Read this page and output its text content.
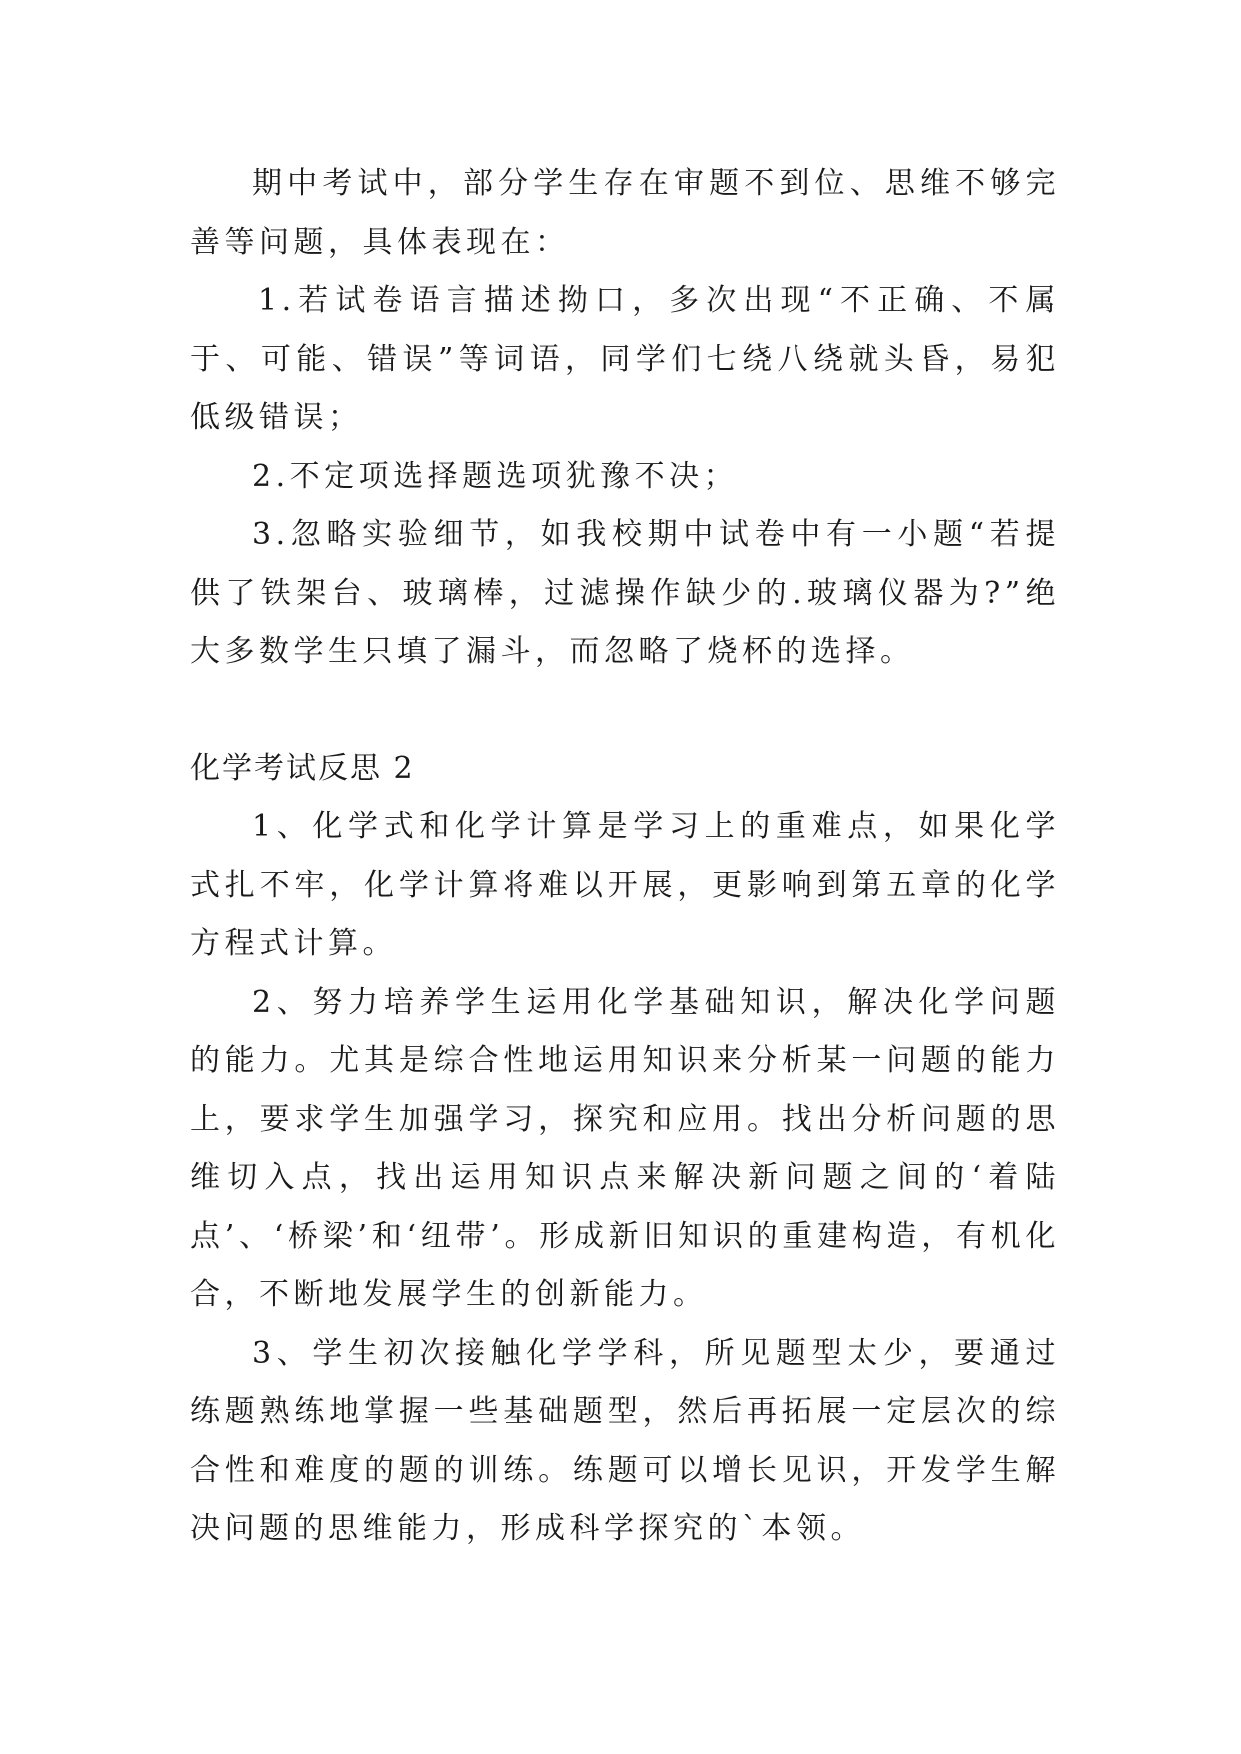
期中考试中，部分学生存在审题不到位、思维不够完善等问题，具体表现在：

1.若试卷语言描述拗口，多次出现“不正确、不属于、可能、错误”等词语，同学们七绕八绕就头昏，易犯低级错误；

2.不定项选择题选项犹豫不决；

3.忽略实验细节，如我校期中试卷中有一小题“若提供了铁架台、玻璃棒，过滤操作缺少的.玻璃仪器为?”绝大多数学生只填了漏斗，而忽略了烧杯的选择。

化学考试反思 2

1、化学式和化学计算是学习上的重难点，如果化学式扎不牢，化学计算将难以开展，更影响到第五章的化学方程式计算。

2、努力培养学生运用化学基础知识，解决化学问题的能力。尤其是综合性地运用知识来分析某一问题的能力上，要求学生加强学习，探究和应用。找出分析问题的思维切入点，找出运用知识点来解决新问题之间的‘着陆点’、‘桥梁’和‘纽带’。形成新旧知识的重建构造，有机化合，不断地发展学生的创新能力。

3、学生初次接触化学学科，所见题型太少，要通过练题熟练地掌握一些基础题型，然后再拓展一定层次的综合性和难度的题的训练。练题可以增长见识，开发学生解决问题的思维能力，形成科学探究的`本领。
